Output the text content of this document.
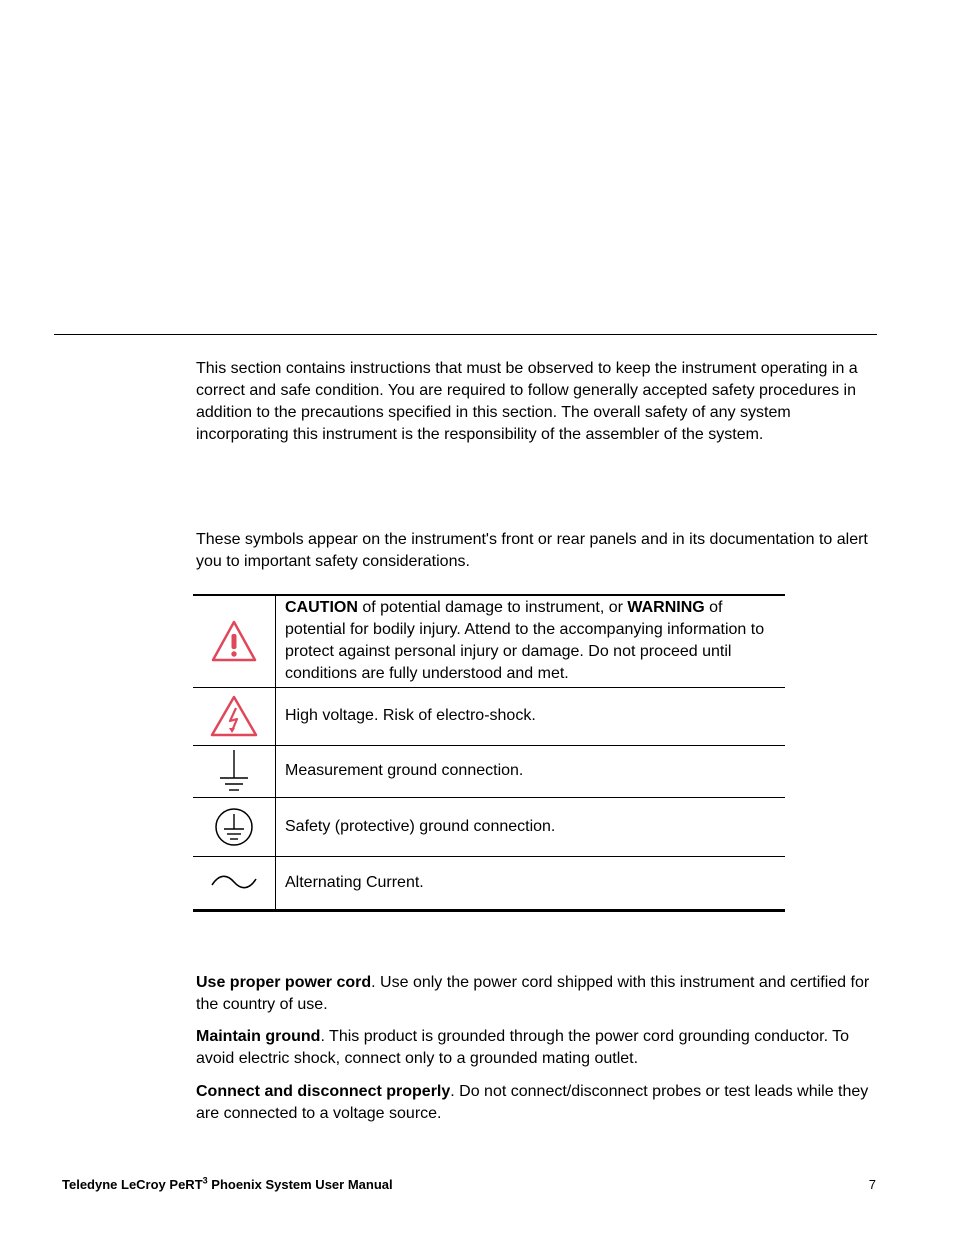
This section contains instructions that must be observed to keep the instrument operating in a correct and safe condition. You are required to follow generally accepted safety procedures in addition to the precautions specified in this section. The overall safety of any system incorporating this instrument is the responsibility of the assembler of the system.

These symbols appear on the instrument's front or rear panels and in its documentation to alert you to important safety considerations.

	CAUTION of potential damage to instrument, or WARNING of potential for bodily injury. Attend to the accompanying information to protect against personal injury or damage. Do not proceed until conditions are fully understood and met.
	High voltage. Risk of electro-shock.
	Measurement ground connection.
	Safety (protective) ground connection.
	Alternating Current.

Use proper power cord. Use only the power cord shipped with this instrument and certified for the country of use.

Maintain ground. This product is grounded through the power cord grounding conductor. To avoid electric shock, connect only to a grounded mating outlet.

Connect and disconnect properly. Do not connect/disconnect probes or test leads while they are connected to a voltage source.

Teledyne LeCroy PeRT$^3$ Phoenix System User Manual	7
